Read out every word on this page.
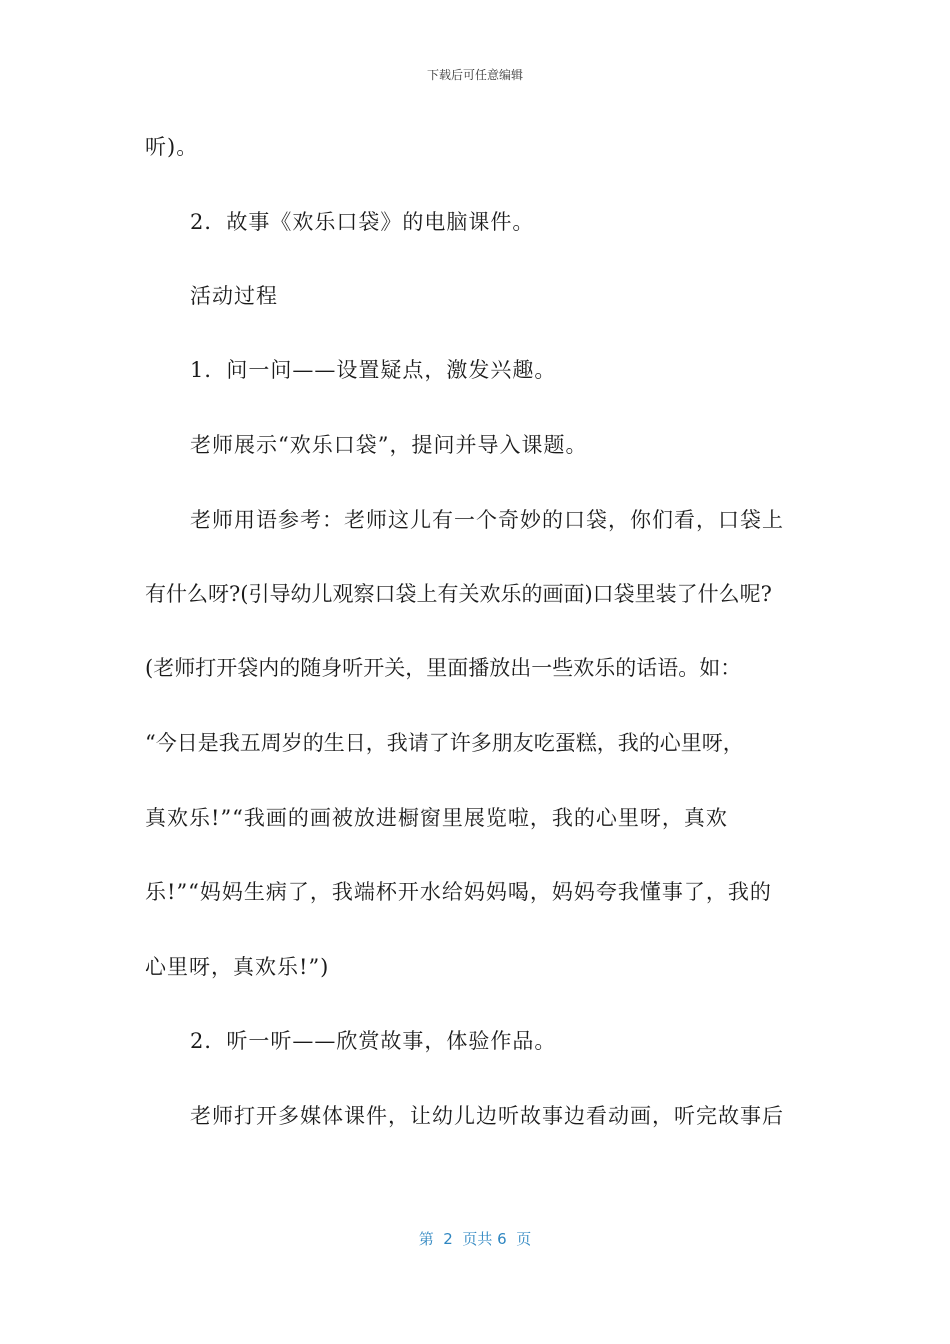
下载后可任意编辑
听)。
2．故事《欢乐口袋》的电脑课件。
活动过程
1．问一问——设置疑点，激发兴趣。
老师展示“欢乐口袋”，提问并导入课题。
老师用语参考：老师这儿有一个奇妙的口袋，你们看，口袋上
有什么呀?(引导幼儿观察口袋上有关欢乐的画面)口袋里装了什么呢?
(老师打开袋内的随身听开关，里面播放出一些欢乐的话语。如：
“今日是我五周岁的生日，我请了许多朋友吃蛋糕，我的心里呀，
真欢乐!”“我画的画被放进橱窗里展览啦，我的心里呀，真欢
乐!”“妈妈生病了，我端杯开水给妈妈喝，妈妈夸我懂事了，我的
心里呀，真欢乐!”)
2．听一听——欣赏故事，体验作品。
老师打开多媒体课件，让幼儿边听故事边看动画，听完故事后
第  2  页共 6  页
